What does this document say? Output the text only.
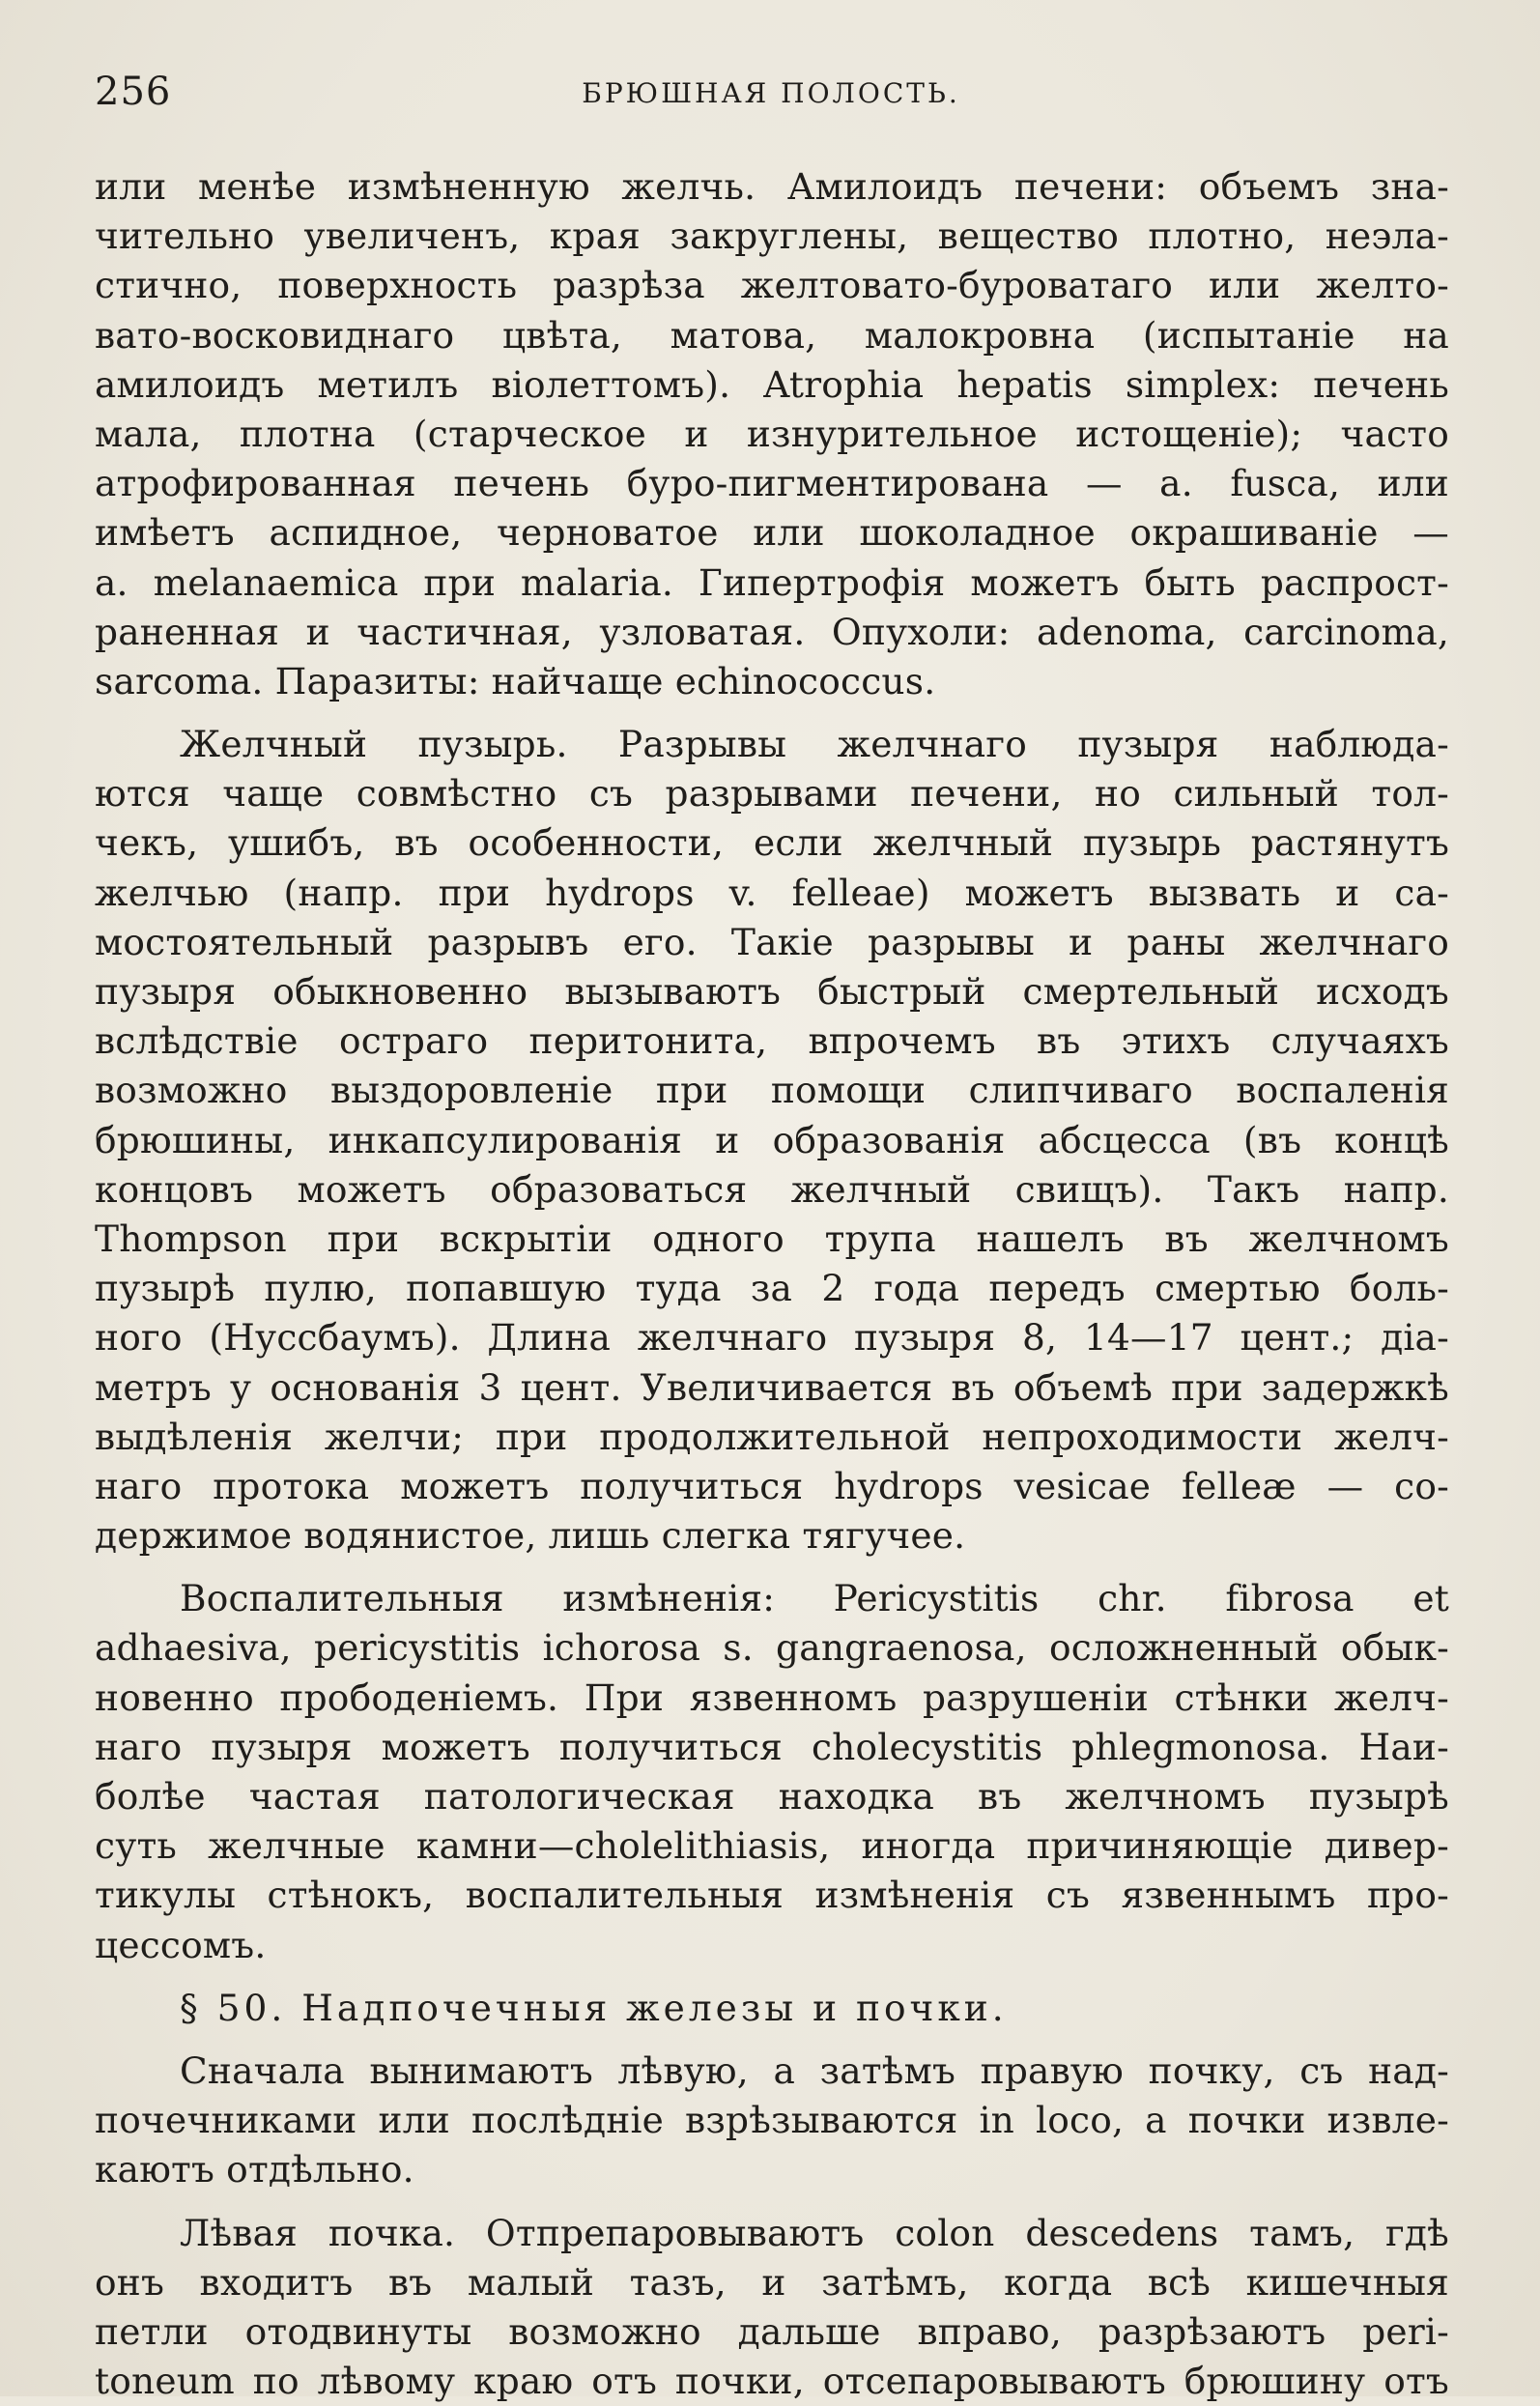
256	БРЮШНАЯ ПОЛОСТЬ.
или менѣе измѣненную желчь. Амилоидъ печени: объемъ зна-
чительно увеличенъ, края закруглены, вещество плотно, неэла-
стично, поверхность разрѣза желтовато-буроватаго или желто-
вато-восковиднаго цвѣта, матова, малокровна (испытаніе на
амилоидъ метилъ віолеттомъ). Atrophia hepatis simplex: печень
мала, плотна (старческое и изнурительное истощеніе); часто
атрофированная печень буро-пигментирована — a. fusca, или
имѣетъ аспидное, черноватое или шоколадное окрашиваніе —
a. melanaemica при malaria. Гипертрофія можетъ быть распрост-
раненная и частичная, узловатая. Опухоли: adenoma, carcinoma,
sarcoma. Паразиты: найчаще echinococcus.
Желчный пузырь. Разрывы желчнаго пузыря наблюда-
ются чаще совмѣстно съ разрывами печени, но сильный тол-
чекъ, ушибъ, въ особенности, если желчный пузырь растянутъ
желчью (напр. при hydrops v. felleae) можетъ вызвать и са-
мостоятельный разрывъ его. Такіе разрывы и раны желчнаго
пузыря обыкновенно вызываютъ быстрый смертельный исходъ
вслѣдствіе остраго перитонита, впрочемъ въ этихъ случаяхъ
возможно выздоровленіе при помощи слипчиваго воспаленія
брюшины, инкапсулированія и образованія абсцесса (въ концѣ
концовъ можетъ образоваться желчный свищъ). Такъ напр.
Thompson при вскрытіи одного трупа нашелъ въ желчномъ
пузырѣ пулю, попавшую туда за 2 года передъ смертью боль-
ного (Нуссбаумъ). Длина желчнаго пузыря 8, 14—17 цент.; діа-
метръ у основанія 3 цент. Увеличивается въ объемѣ при задержкѣ
выдѣленія желчи; при продолжительной непроходимости желч-
наго протока можетъ получиться hydrops vesicae felleæ — со-
держимое водянистое, лишь слегка тягучее.
Воспалительныя измѣненія: Pericystitis chr. fibrosa et
adhaesiva, pericystitis ichorosa s. gangraenosa, осложненный обык-
новенно прободеніемъ. При язвенномъ разрушеніи стѣнки желч-
наго пузыря можетъ получиться cholecystitis phlegmonosa. Наи-
болѣе частая патологическая находка въ желчномъ пузырѣ
суть желчные камни—cholelithiasis, иногда причиняющіе дивер-
тикулы стѣнокъ, воспалительныя измѣненія съ язвеннымъ про-
цессомъ.
§ 50. Надпочечныя железы и почки.
Сначала вынимаютъ лѣвую, а затѣмъ правую почку, съ над-
почечниками или послѣдніе взрѣзываются in loco, а почки извле-
каютъ отдѣльно.
Лѣвая почка. Отпрепаровываютъ colon descedens тамъ, гдѣ
онъ входитъ въ малый тазъ, и затѣмъ, когда всѣ кишечныя
петли отодвинуты возможно дальше вправо, разрѣзаютъ peri-
toneum по лѣвому краю отъ почки, отсепаровываютъ брюшину отъ
